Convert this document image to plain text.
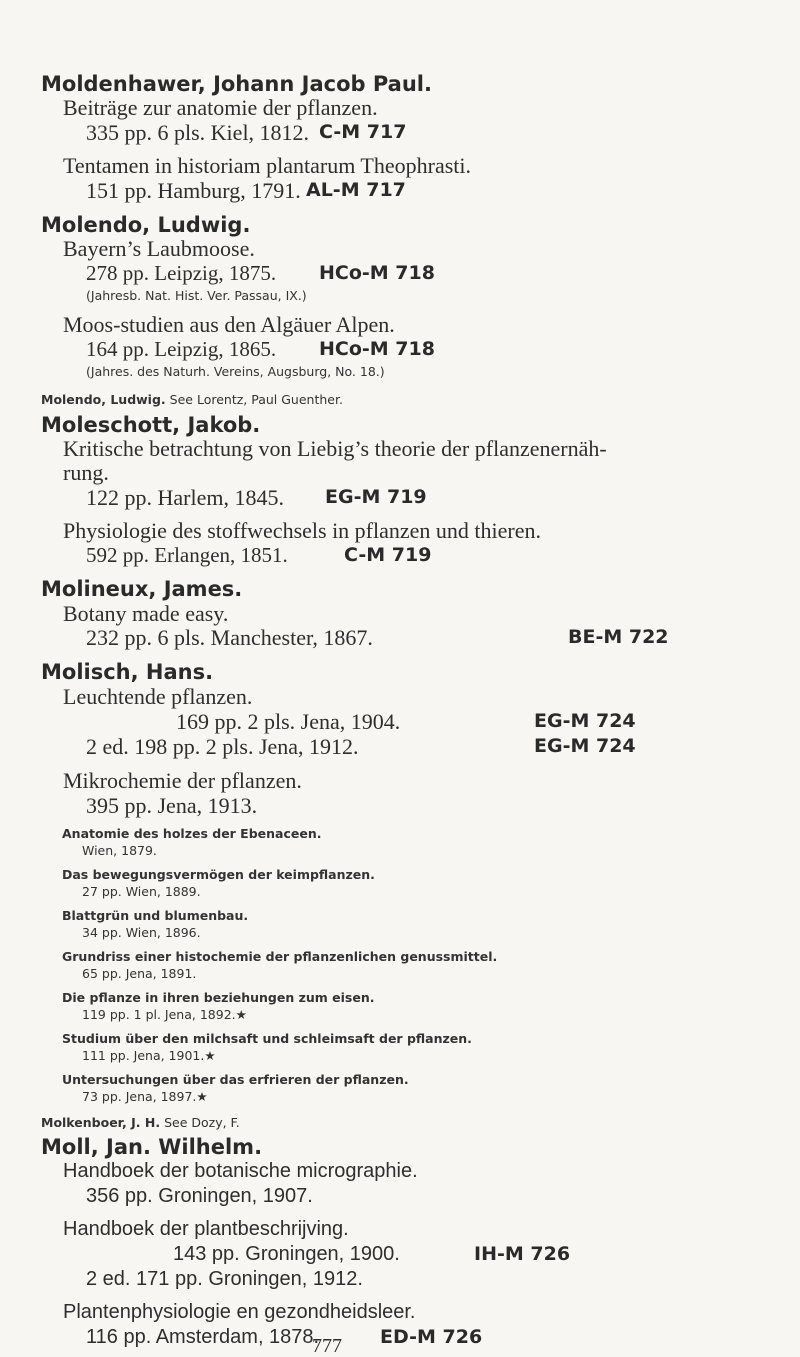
Moldenhawer, Johann Jacob Paul.
Beiträge zur anatomie der pflanzen.
335 pp. 6 pls. Kiel, 1812. C-M 717
Tentamen in historiam plantarum Theophrasti.
151 pp. Hamburg, 1791. AL-M 717
Molendo, Ludwig.
Bayern’s Laubmoose.
278 pp. Leipzig, 1875. HCo-M 718
(Jahresb. Nat. Hist. Ver. Passau, IX.)
Moos-studien aus den Algäuer Alpen.
164 pp. Leipzig, 1865. HCo-M 718
(Jahres. des Naturh. Vereins, Augsburg, No. 18.)
Molendo, Ludwig. See Lorentz, Paul Guenther.
Moleschott, Jakob.
Kritische betrachtung von Liebig’s theorie der pflanzenernäh-
rung.
122 pp. Harlem, 1845. EG-M 719
Physiologie des stoffwechsels in pflanzen und thieren.
592 pp. Erlangen, 1851.	C-M 719
Molineux, James.
Botany made easy.
232 pp. 6 pls. Manchester, 1867.	BE-M 722
Molisch, Hans.
Leuchtende pflanzen.
169 pp. 2 pls. Jena, 1904.	EG-M 724
2 ed. 198 pp. 2 pls. Jena, 1912.	EG-M 724
Mikrochemie der pflanzen.
395 pp. Jena, 1913.
Anatomie des holzes der Ebenaceen.
Wien, 1879.
Das bewegungsvermögen der keimpflanzen.
27 pp. Wien, 1889.
Blattgrün und blumenbau.
34 pp. Wien, 1896.
Grundriss einer histochemie der pflanzenlichen genussmittel.
65 pp. Jena, 1891.
Die pflanze in ihren beziehungen zum eisen.
119 pp. 1 pl. Jena, 1892.★
Studium über den milchsaft und schleimsaft der pflanzen.
111 pp. Jena, 1901.★
Untersuchungen über das erfrieren der pflanzen.
73 pp. Jena, 1897.★
Molkenboer, J. H. See Dozy, F.
Moll, Jan. Wilhelm.
Handboek der botanische micrographie.
356 pp. Groningen, 1907.
Handboek der plantbeschrijving.
143 pp. Groningen, 1900.	IH-M 726
2 ed. 171 pp. Groningen, 1912.
Plantenphysiologie en gezondheidsleer.
116 pp. Amsterdam, 1878.	ED-M 726
777
